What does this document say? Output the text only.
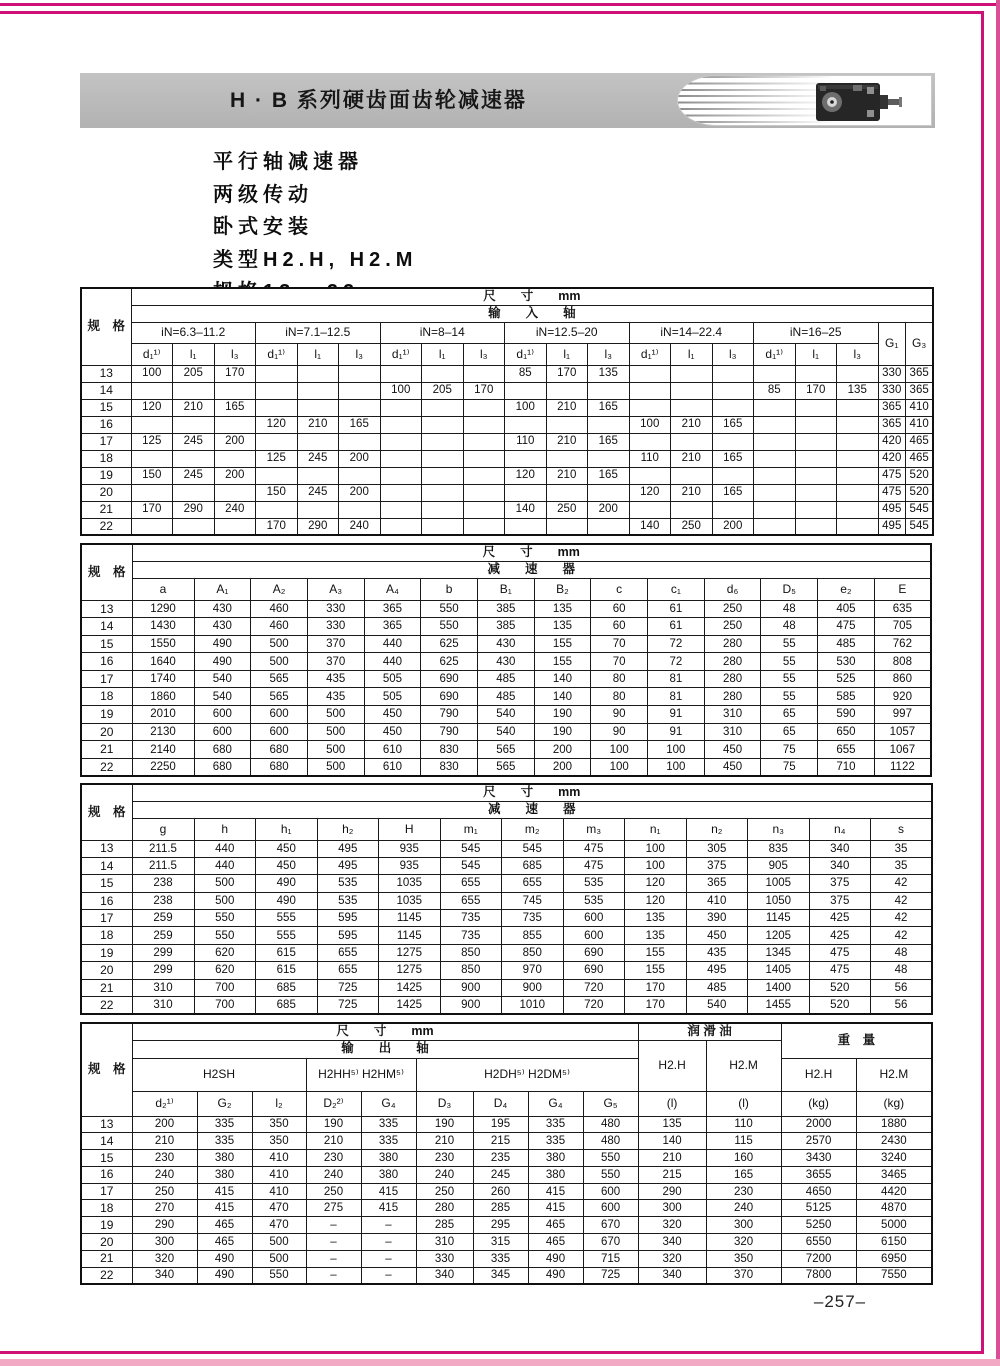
H · B 系列硬齿面齿轮减速器
平行轴减速器
两级传动
卧式安装
类型H2.H, H2.M
规　格	尺　　寸　　mm																			
	输　　入　　轴																			
	iN=6.3–11.2			iN=7.1–12.5			iN=8–14			iN=12.5–20			iN=14–22.4			iN=16–25			G₁	G₃
	d₁¹⁾	l₁	l₃	d₁¹⁾	l₁	l₃	d₁¹⁾	l₁	l₃	d₁¹⁾	l₁	l₃	d₁¹⁾	l₁	l₃	d₁¹⁾	l₁	l₃		
13	100	205	170							85	170	135							330	365
14							100	205	170							85	170	135	330	365
15	120	210	165							100	210	165							365	410
16				120	210	165							100	210	165				365	410
17	125	245	200							110	210	165							420	465
18				125	245	200							110	210	165				420	465
19	150	245	200							120	210	165							475	520
20				150	245	200							120	210	165				475	520
21	170	290	240							140	250	200							495	545
22				170	290	240							140	250	200				495	545
规　格	尺　　寸　　mm													
	减　　速　　器													
	a	A₁	A₂	A₃	A₄	b	B₁	B₂	c	c₁	d₆	D₅	e₂	E
13	1290	430	460	330	365	550	385	135	60	61	250	48	405	635
14	1430	430	460	330	365	550	385	135	60	61	250	48	475	705
15	1550	490	500	370	440	625	430	155	70	72	280	55	485	762
16	1640	490	500	370	440	625	430	155	70	72	280	55	530	808
17	1740	540	565	435	505	690	485	140	80	81	280	55	525	860
18	1860	540	565	435	505	690	485	140	80	81	280	55	585	920
19	2010	600	600	500	450	790	540	190	90	91	310	65	590	997
20	2130	600	600	500	450	790	540	190	90	91	310	65	650	1057
21	2140	680	680	500	610	830	565	200	100	100	450	75	655	1067
22	2250	680	680	500	610	830	565	200	100	100	450	75	710	1122
规　格	尺　　寸　　mm												
	减　　速　　器												
	g	h	h₁	h₂	H	m₁	m₂	m₃	n₁	n₂	n₃	n₄	s
13	211.5	440	450	495	935	545	545	475	100	305	835	340	35
14	211.5	440	450	495	935	545	685	475	100	375	905	340	35
15	238	500	490	535	1035	655	655	535	120	365	1005	375	42
16	238	500	490	535	1035	655	745	535	120	410	1050	375	42
17	259	550	555	595	1145	735	735	600	135	390	1145	425	42
18	259	550	555	595	1145	735	855	600	135	450	1205	425	42
19	299	620	615	655	1275	850	850	690	155	435	1345	475	48
20	299	620	615	655	1275	850	970	690	155	495	1405	475	48
21	310	700	685	725	1425	900	900	720	170	485	1400	520	56
22	310	700	685	725	1425	900	1010	720	170	540	1455	520	56
规　格	尺　　寸　　mm									润 滑 油		重　量	
	输　　出　　轴									H2.H	H2.M		
	H2SH			H2HH⁵⁾ H2HM⁵⁾		H2DH⁵⁾ H2DM⁵⁾						H2.H	H2.M
	d₂¹⁾	G₂	l₂	D₂²⁾	G₄	D₃	D₄	G₄	G₅	(l)	(l)	(kg)	(kg)
13	200	335	350	190	335	190	195	335	480	135	110	2000	1880
14	210	335	350	210	335	210	215	335	480	140	115	2570	2430
15	230	380	410	230	380	230	235	380	550	210	160	3430	3240
16	240	380	410	240	380	240	245	380	550	215	165	3655	3465
17	250	415	410	250	415	250	260	415	600	290	230	4650	4420
18	270	415	470	275	415	280	285	415	600	300	240	5125	4870
19	290	465	470	–	–	285	295	465	670	320	300	5250	5000
20	300	465	500	–	–	310	315	465	670	340	320	6550	6150
21	320	490	500	–	–	330	335	490	715	320	350	7200	6950
22	340	490	550	–	–	340	345	490	725	340	370	7800	7550
–257–
